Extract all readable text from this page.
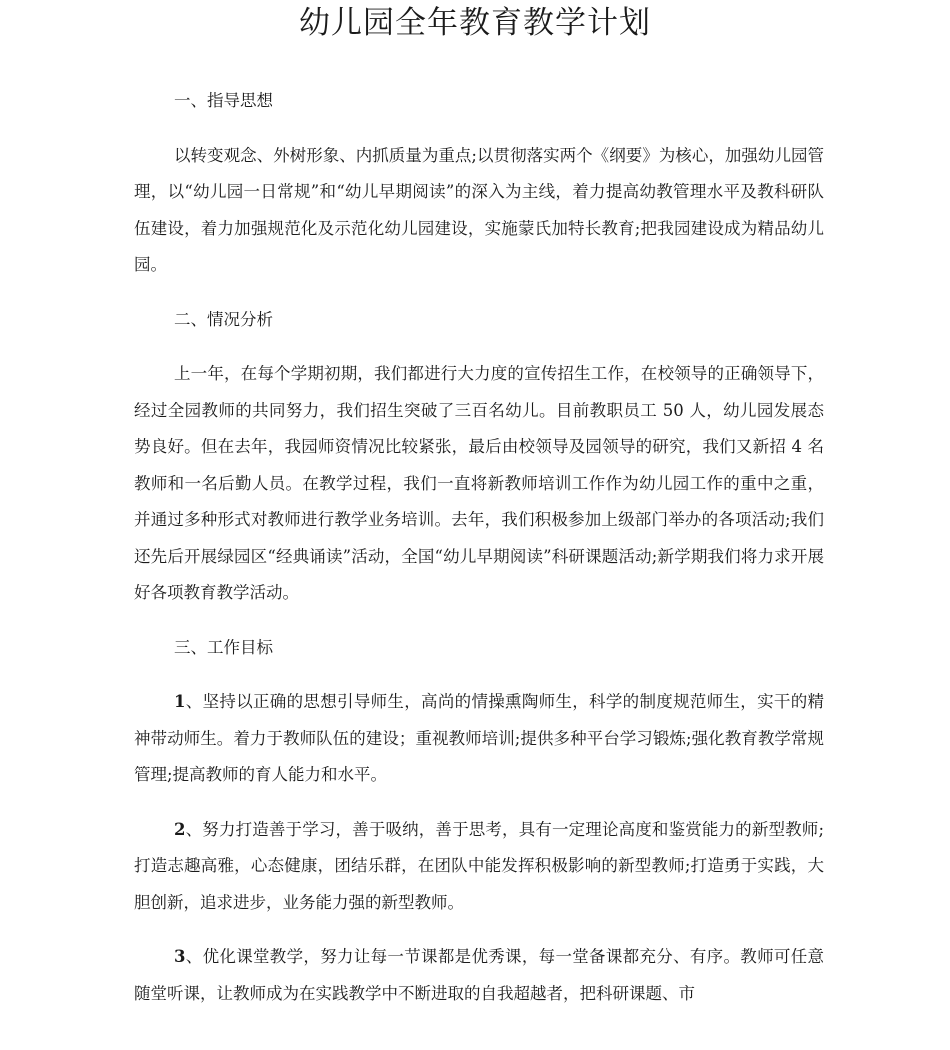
幼儿园全年教育教学计划

一、指导思想

以转变观念、外树形象、内抓质量为重点;以贯彻落实两个《纲要》为核心，加强幼儿园管理，以“幼儿园一日常规”和“幼儿早期阅读”的深入为主线，着力提高幼教管理水平及教科研队伍建设，着力加强规范化及示范化幼儿园建设，实施蒙氏加特长教育;把我园建设成为精品幼儿园。

二、情况分析

上一年，在每个学期初期，我们都进行大力度的宣传招生工作，在校领导的正确领导下，经过全园教师的共同努力，我们招生突破了三百名幼儿。目前教职员工 50 人，幼儿园发展态势良好。但在去年，我园师资情况比较紧张，最后由校领导及园领导的研究，我们又新招 4 名教师和一名后勤人员。在教学过程，我们一直将新教师培训工作作为幼儿园工作的重中之重，并通过多种形式对教师进行教学业务培训。去年，我们积极参加上级部门举办的各项活动;我们还先后开展绿园区“经典诵读”活动，全国“幼儿早期阅读”科研课题活动;新学期我们将力求开展好各项教育教学活动。

三、工作目标

1、坚持以正确的思想引导师生，高尚的情操熏陶师生，科学的制度规范师生，实干的精神带动师生。着力于教师队伍的建设；重视教师培训;提供多种平台学习锻炼;强化教育教学常规管理;提高教师的育人能力和水平。

2、努力打造善于学习，善于吸纳，善于思考，具有一定理论高度和鉴赏能力的新型教师;打造志趣高雅，心态健康，团结乐群，在团队中能发挥积极影响的新型教师;打造勇于实践，大胆创新，追求进步，业务能力强的新型教师。

3、优化课堂教学，努力让每一节课都是优秀课，每一堂备课都充分、有序。教师可任意随堂听课，让教师成为在实践教学中不断进取的自我超越者，把科研课题、市
